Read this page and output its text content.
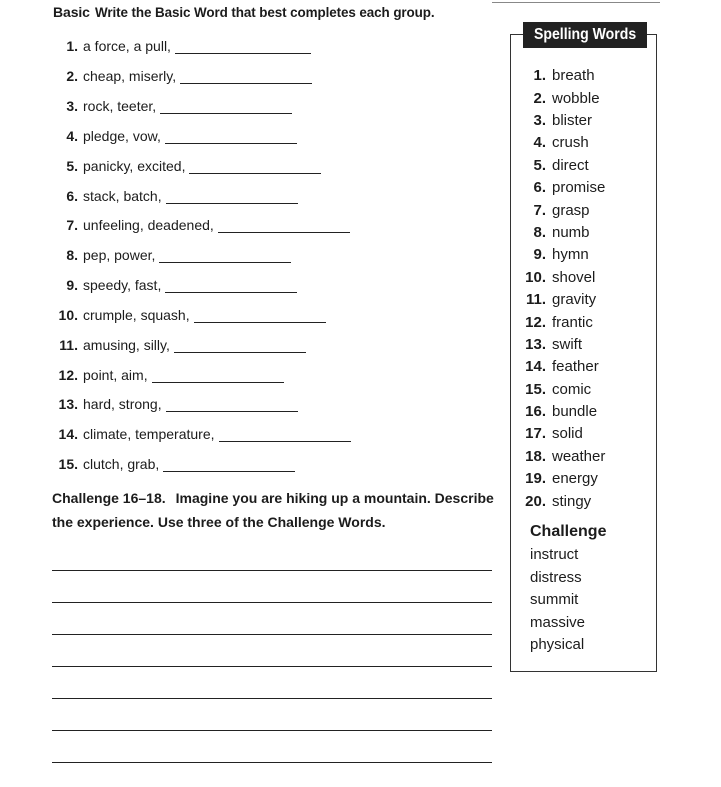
Basic Write the Basic Word that best completes each group.
1. a force, a pull,
2. cheap, miserly,
3. rock, teeter,
4. pledge, vow,
5. panicky, excited,
6. stack, batch,
7. unfeeling, deadened,
8. pep, power,
9. speedy, fast,
10. crumple, squash,
11. amusing, silly,
12. point, aim,
13. hard, strong,
14. climate, temperature,
15. clutch, grab,
Challenge 16–18. Imagine you are hiking up a mountain. Describe the experience. Use three of the Challenge Words.
Spelling Words
1. breath
2. wobble
3. blister
4. crush
5. direct
6. promise
7. grasp
8. numb
9. hymn
10. shovel
11. gravity
12. frantic
13. swift
14. feather
15. comic
16. bundle
17. solid
18. weather
19. energy
20. stingy
Challenge
instruct
distress
summit
massive
physical
